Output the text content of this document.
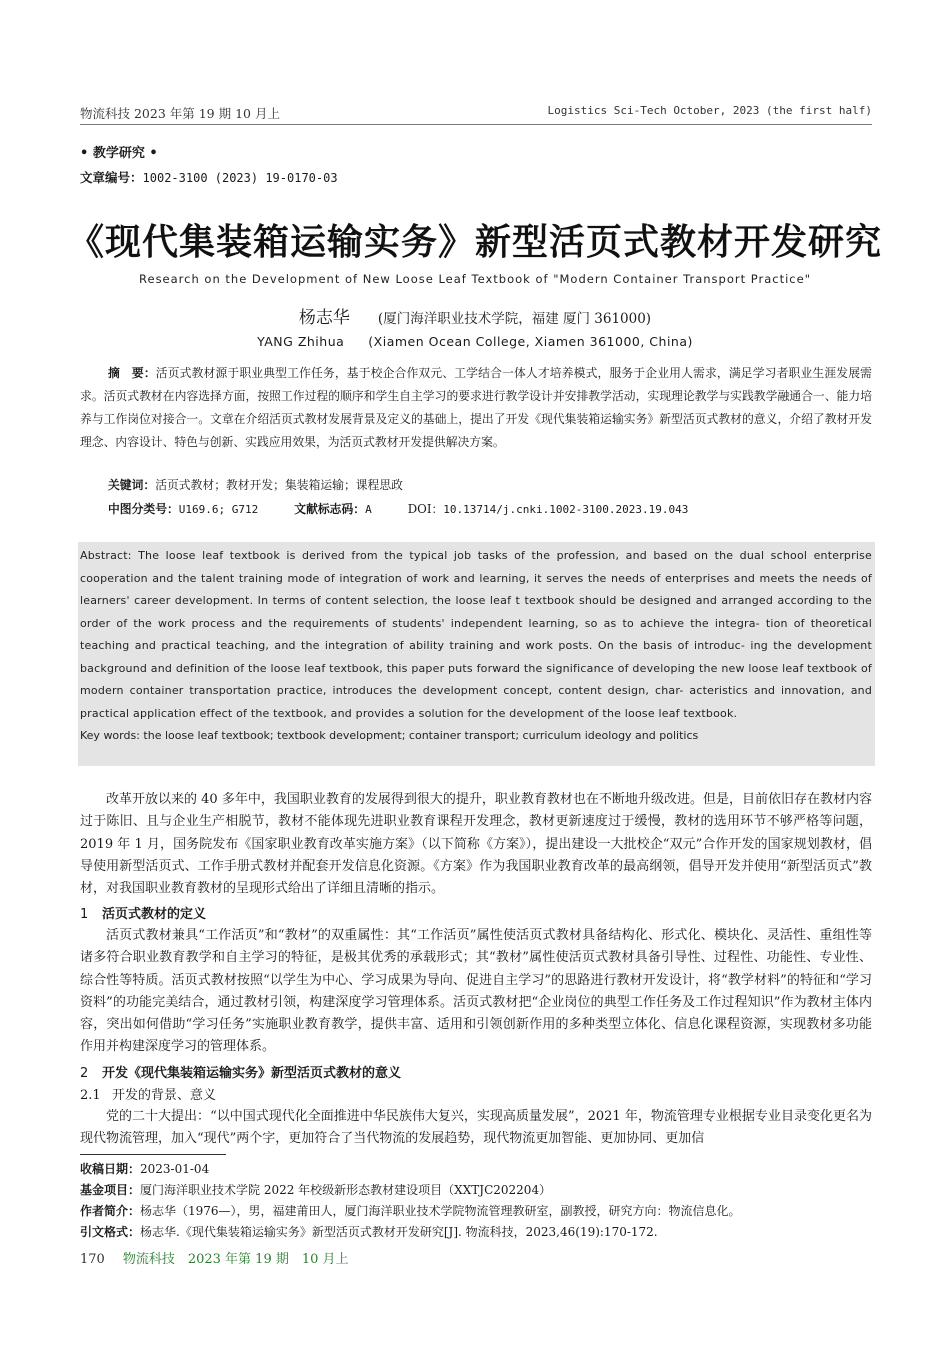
物流科技 2023 年第 19 期 10 月上	Logistics Sci-Tech October, 2023 (the first half)
• 教学研究 •
文章编号：1002-3100 (2023) 19-0170-03
《现代集装箱运输实务》新型活页式教材开发研究
Research on the Development of New Loose Leaf Textbook of "Modern Container Transport Practice"
杨志华 (厦门海洋职业技术学院，福建 厦门 361000)
YANG Zhihua (Xiamen Ocean College, Xiamen 361000, China)
摘　要：活页式教材源于职业典型工作任务，基于校企合作双元、工学结合一体人才培养模式，服务于企业用人需求，满足学习者职业生涯发展需求。活页式教材在内容选择方面，按照工作过程的顺序和学生自主学习的要求进行教学设计并安排教学活动，实现理论教学与实践教学融通合一、能力培养与工作岗位对接合一。文章在介绍活页式教材发展背景及定义的基础上，提出了开发《现代集装箱运输实务》新型活页式教材的意义，介绍了教材开发理念、内容设计、特色与创新、实践应用效果，为活页式教材开发提供解决方案。
关键词：活页式教材；教材开发；集装箱运输；课程思政
中图分类号：U169.6; G712	文献标志码：A	DOI：10.13714/j.cnki.1002-3100.2023.19.043
Abstract: The loose leaf textbook is derived from the typical job tasks of the profession, and based on the dual school enterprise cooperation and the talent training mode of integration of work and learning, it serves the needs of enterprises and meets the needs of learners' career development. In terms of content selection, the loose leaf t textbook should be designed and arranged according to the order of the work process and the requirements of students' independent learning, so as to achieve the integra- tion of theoretical teaching and practical teaching, and the integration of ability training and work posts. On the basis of introduc- ing the development background and definition of the loose leaf textbook, this paper puts forward the significance of developing the new loose leaf textbook of modern container transportation practice, introduces the development concept, content design, char- acteristics and innovation, and practical application effect of the textbook, and provides a solution for the development of the loose leaf textbook.
Key words: the loose leaf textbook; textbook development; container transport; curriculum ideology and politics

改革开放以来的 40 多年中，我国职业教育的发展得到很大的提升，职业教育教材也在不断地升级改进。但是，目前依旧存在教材内容过于陈旧、且与企业生产相脱节，教材不能体现先进职业教育课程开发理念，教材更新速度过于缓慢，教材的选用环节不够严格等问题，2019 年 1 月，国务院发布《国家职业教育改革实施方案》（以下简称《方案》），提出建设一大批校企“双元”合作开发的国家规划教材，倡导使用新型活页式、工作手册式教材并配套开发信息化资源。《方案》作为我国职业教育改革的最高纲领，倡导开发并使用“新型活页式”教材，对我国职业教育教材的呈现形式给出了详细且清晰的指示。

1 活页式教材的定义

活页式教材兼具“工作活页”和“教材”的双重属性：其“工作活页”属性使活页式教材具备结构化、形式化、模块化、灵活性、重组性等诸多符合职业教育教学和自主学习的特征，是极其优秀的承载形式；其“教材”属性使活页式教材具备引导性、过程性、功能性、专业性、综合性等特质。活页式教材按照“以学生为中心、学习成果为导向、促进自主学习”的思路进行教材开发设计，将“教学材料”的特征和“学习资料”的功能完美结合，通过教材引领，构建深度学习管理体系。活页式教材把“企业岗位的典型工作任务及工作过程知识”作为教材主体内容，突出如何借助“学习任务”实施职业教育教学，提供丰富、适用和引领创新作用的多种类型立体化、信息化课程资源，实现教材多功能作用并构建深度学习的管理体系。

2 开发《现代集装箱运输实务》新型活页式教材的意义
2.1 开发的背景、意义

党的二十大提出：“以中国式现代化全面推进中华民族伟大复兴，实现高质量发展”，2021 年，物流管理专业根据专业目录变化更名为现代物流管理，加入“现代”两个字，更加符合了当代物流的发展趋势，现代物流更加智能、更加协同、更加信

收稿日期：2023-01-04
基金项目：厦门海洋职业技术学院 2022 年校级新形态教材建设项目（XXTJC202204）
作者简介：杨志华（1976—），男，福建莆田人，厦门海洋职业技术学院物流管理教研室，副教授，研究方向：物流信息化。
引文格式：杨志华.《现代集装箱运输实务》新型活页式教材开发研究[J]. 物流科技，2023,46(19):170-172.
170 物流科技　2023 年第 19 期　10 月上
